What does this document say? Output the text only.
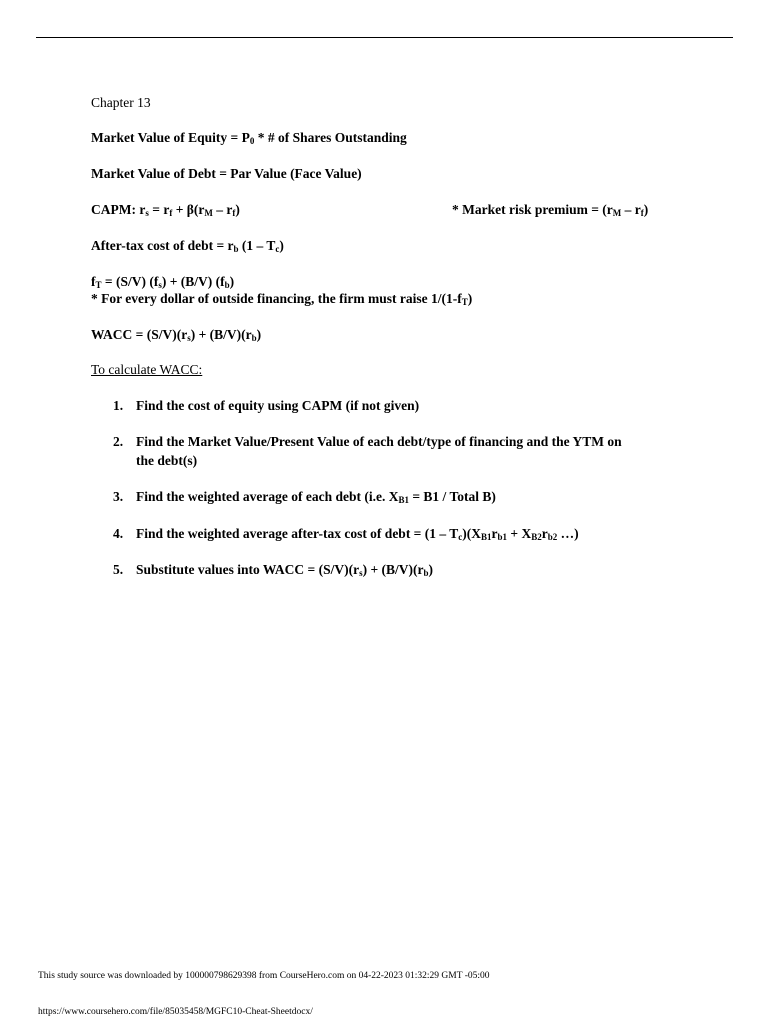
Chapter 13
Market Value of Equity = $P_0$ * # of Shares Outstanding
Market Value of Debt = Par Value (Face Value)
CAPM: $r_s = r_f + \beta(r_M - r_f)$	* Market risk premium = $(r_M - r_f)$
After-tax cost of debt = $r_b$ $(1 - T_c)$
$f_T = (S/V) (f_s) + (B/V)$ $(f_b)$
* For every dollar of outside financing, the firm must raise $1/(1-f_T)$
WACC = $(S/V)(r_s) + (B/V)(r_b)$
To calculate WACC:
1. Find the cost of equity using CAPM (if not given)
2. Find the Market Value/Present Value of each debt/type of financing and the YTM on
the debt(s)
3. Find the weighted average of each debt (i.e. $X_{B1} = B1$ / Total B)
4. Find the weighted average after-tax cost of debt = $(1 - T_c)(X_{B1}r_{b1} + X_{B2}r_{b2}$ …)
5. Substitute values into WACC = $(S/V)(r_s) + (B/V)(r_b)$
This study source was downloaded by 100000798629398 from CourseHero.com on 04-22-2023 01:32:29 GMT -05:00
https://www.coursehero.com/file/85035458/MGFC10-Cheat-Sheetdocx/
